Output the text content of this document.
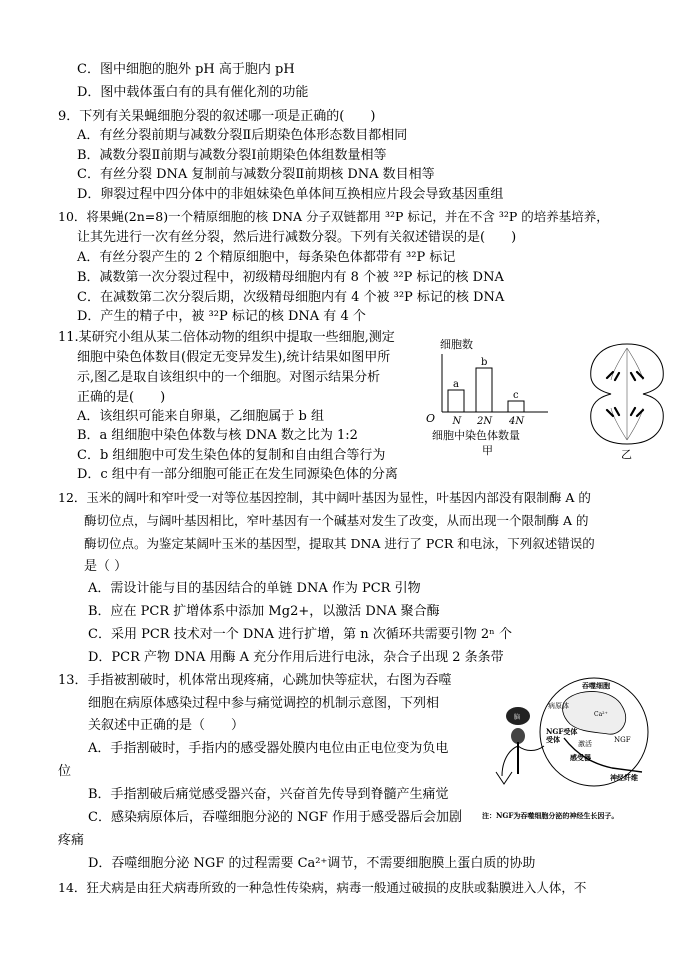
C．图中细胞的胞外 pH 高于胞内 pH
D．图中载体蛋白有的具有催化剂的功能
9．下列有关果蝇细胞分裂的叙述哪一项是正确的(　　)
A．有丝分裂前期与减数分裂Ⅱ后期染色体形态数目都相同
B．减数分裂Ⅱ前期与减数分裂Ⅰ前期染色体组数量相等
C．有丝分裂 DNA 复制前与减数分裂Ⅱ前期核 DNA 数目相等
D．卵裂过程中四分体中的非姐妹染色单体间互换相应片段会导致基因重组
10．将果蝇(2n=8)一个精原细胞的核 DNA 分子双链都用 ³²P 标记，并在不含 ³²P 的培养基培养，
让其先进行一次有丝分裂，然后进行减数分裂。下列有关叙述错误的是(　　)
A．有丝分裂产生的 2 个精原细胞中，每条染色体都带有 ³²P 标记
B．减数第一次分裂过程中，初级精母细胞内有 8 个被 ³²P 标记的核 DNA
C．在减数第二次分裂后期，次级精母细胞内有 4 个被 ³²P 标记的核 DNA
D．产生的精子中，被 ³²P 标记的核 DNA 有 4 个
11.某研究小组从某二倍体动物的组织中提取一些细胞,测定
细胞中染色体数目(假定无变异发生),统计结果如图甲所
示,图乙是取自该组织中的一个细胞。对图示结果分析
正确的是(　　)
A．该组织可能来自卵巢，乙细胞属于 b 组
B．a 组细胞中染色体数与核 DNA 数之比为 1:2
C．b 组细胞中可发生染色体的复制和自由组合等行为
D．c 组中有一部分细胞可能正在发生同源染色体的分离
12．玉米的阔叶和窄叶受一对等位基因控制，其中阔叶基因为显性，叶基因内部没有限制酶 A 的
酶切位点，与阔叶基因相比，窄叶基因有一个碱基对发生了改变，从而出现一个限制酶 A 的
酶切位点。为鉴定某阔叶玉米的基因型，提取其 DNA 进行了 PCR 和电泳，下列叙述错误的
是（ ）
A．需设计能与目的基因结合的单链 DNA 作为 PCR 引物
B．应在 PCR 扩增体系中添加 Mg2+，以激活 DNA 聚合酶
C．采用 PCR 技术对一个 DNA 进行扩增，第 n 次循环共需要引物 2ⁿ 个
D．PCR 产物 DNA 用酶 A 充分作用后进行电泳，杂合子出现 2 条条带
13．手指被割破时，机体常出现疼痛，心跳加快等症状，右图为吞噬
细胞在病原体感染过程中参与痛觉调控的机制示意图，下列相
关叙述中正确的是（　　）
A．手指割破时，手指内的感受器处膜内电位由正电位变为负电
位
B．手指割破后痛觉感受器兴奋，兴奋首先传导到脊髓产生痛觉
C．感染病原体后，吞噬细胞分泌的 NGF 作用于感受器后会加剧
疼痛
D．吞噬细胞分泌 NGF 的过程需要 Ca²⁺调节，不需要细胞膜上蛋白质的协助
14．狂犬病是由狂犬病毒所致的一种急性传染病，病毒一般通过破损的皮肤或黏膜进入人体，不
细胞数
O
a
N
b
2N
c
4N
细胞中染色体数量
甲	乙
吞噬细胞
病原体
Ca²⁺
NGF
NGF受体
受体	激活
感受器
神经纤维
脑
注：NGF为吞噬细胞分泌的神经生长因子。
